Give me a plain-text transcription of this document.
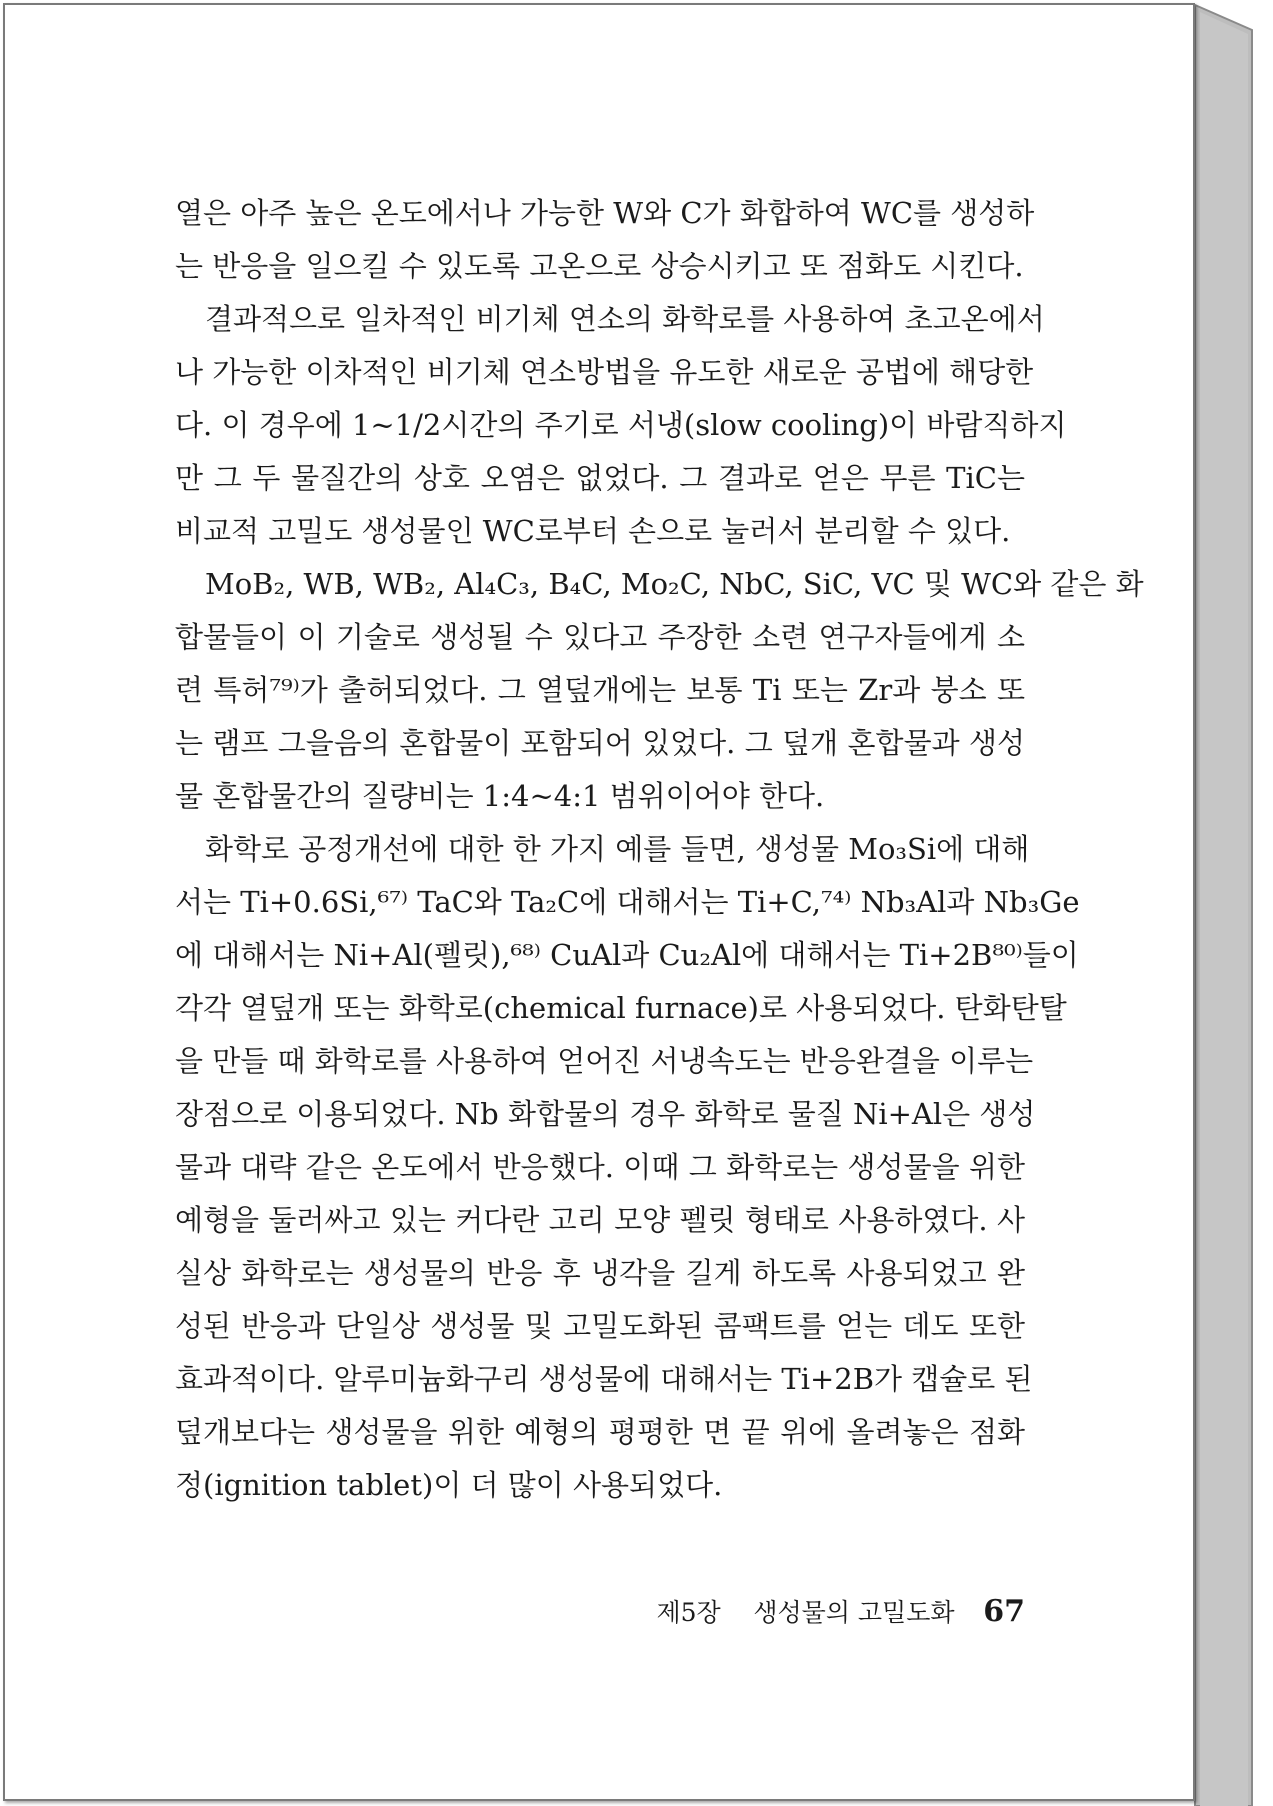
열은 아주 높은 온도에서나 가능한 W와 C가 화합하여 WC를 생성하
는 반응을 일으킬 수 있도록 고온으로 상승시키고 또 점화도 시킨다.
결과적으로 일차적인 비기체 연소의 화학로를 사용하여 초고온에서
나 가능한 이차적인 비기체 연소방법을 유도한 새로운 공법에 해당한
다. 이 경우에 1~1/2시간의 주기로 서냉(slow cooling)이 바람직하지
만 그 두 물질간의 상호 오염은 없었다. 그 결과로 얻은 무른 TiC는
비교적 고밀도 생성물인 WC로부터 손으로 눌러서 분리할 수 있다.
MoB₂, WB, WB₂, Al₄C₃, B₄C, Mo₂C, NbC, SiC, VC 및 WC와 같은 화
합물들이 이 기술로 생성될 수 있다고 주장한 소련 연구자들에게 소
련 특허⁷⁹⁾가 출허되었다. 그 열덮개에는 보통 Ti 또는 Zr과 붕소 또
는 램프 그을음의 혼합물이 포함되어 있었다. 그 덮개 혼합물과 생성
물 혼합물간의 질량비는 1:4~4:1 범위이어야 한다.
화학로 공정개선에 대한 한 가지 예를 들면, 생성물 Mo₃Si에 대해
서는 Ti+0.6Si,⁶⁷⁾ TaC와 Ta₂C에 대해서는 Ti+C,⁷⁴⁾ Nb₃Al과 Nb₃Ge
에 대해서는 Ni+Al(펠릿),⁶⁸⁾ CuAl과 Cu₂Al에 대해서는 Ti+2B⁸⁰⁾들이
각각 열덮개 또는 화학로(chemical furnace)로 사용되었다. 탄화탄탈
을 만들 때 화학로를 사용하여 얻어진 서냉속도는 반응완결을 이루는
장점으로 이용되었다. Nb 화합물의 경우 화학로 물질 Ni+Al은 생성
물과 대략 같은 온도에서 반응했다. 이때 그 화학로는 생성물을 위한
예형을 둘러싸고 있는 커다란 고리 모양 펠릿 형태로 사용하였다. 사
실상 화학로는 생성물의 반응 후 냉각을 길게 하도록 사용되었고 완
성된 반응과 단일상 생성물 및 고밀도화된 콤팩트를 얻는 데도 또한
효과적이다. 알루미늄화구리 생성물에 대해서는 Ti+2B가 캡슐로 된
덮개보다는 생성물을 위한 예형의 평평한 면 끝 위에 올려놓은 점화
정(ignition tablet)이 더 많이 사용되었다.
제5장 생성물의 고밀도화 67
